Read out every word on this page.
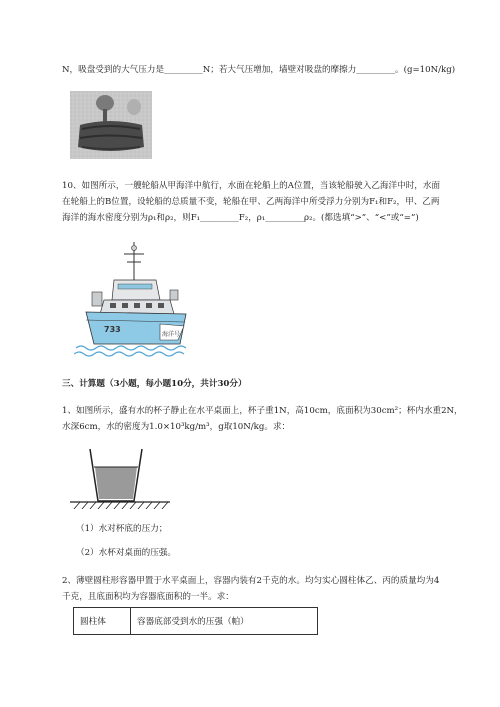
N，吸盘受到的大气压力是_________N；若大气压增加，墙壁对吸盘的摩擦力_________。(g=10N/kg)
10、如图所示，一艘轮船从甲海洋中航行，水面在轮船上的A位置，当该轮船驶入乙海洋中时，水面
在轮船上的B位置，设轮船的总质量不变，轮船在甲、乙两海洋中所受浮力分别为F₁和F₂，甲、乙两
海洋的海水密度分别为ρ₁和ρ₂，则F₁_________F₂，ρ₁_________ρ₂。(都选填“>”、“<”或“=”)
733
海洋号
三、计算题（3小题，每小题10分，共计30分）
1、如图所示，盛有水的杯子静止在水平桌面上，杯子重1N，高10cm，底面积为30cm²；杯内水重2N，
水深6cm，水的密度为1.0×10³kg/m³，g取10N/kg。求：
（1）水对杯底的压力；
（2）水杯对桌面的压强。
2、薄壁圆柱形容器甲置于水平桌面上，容器内装有2千克的水。均匀实心圆柱体乙、丙的质量均为4
千克，且底面积均为容器底面积的一半。求：
圆柱体	容器底部受到水的压强（帕）
